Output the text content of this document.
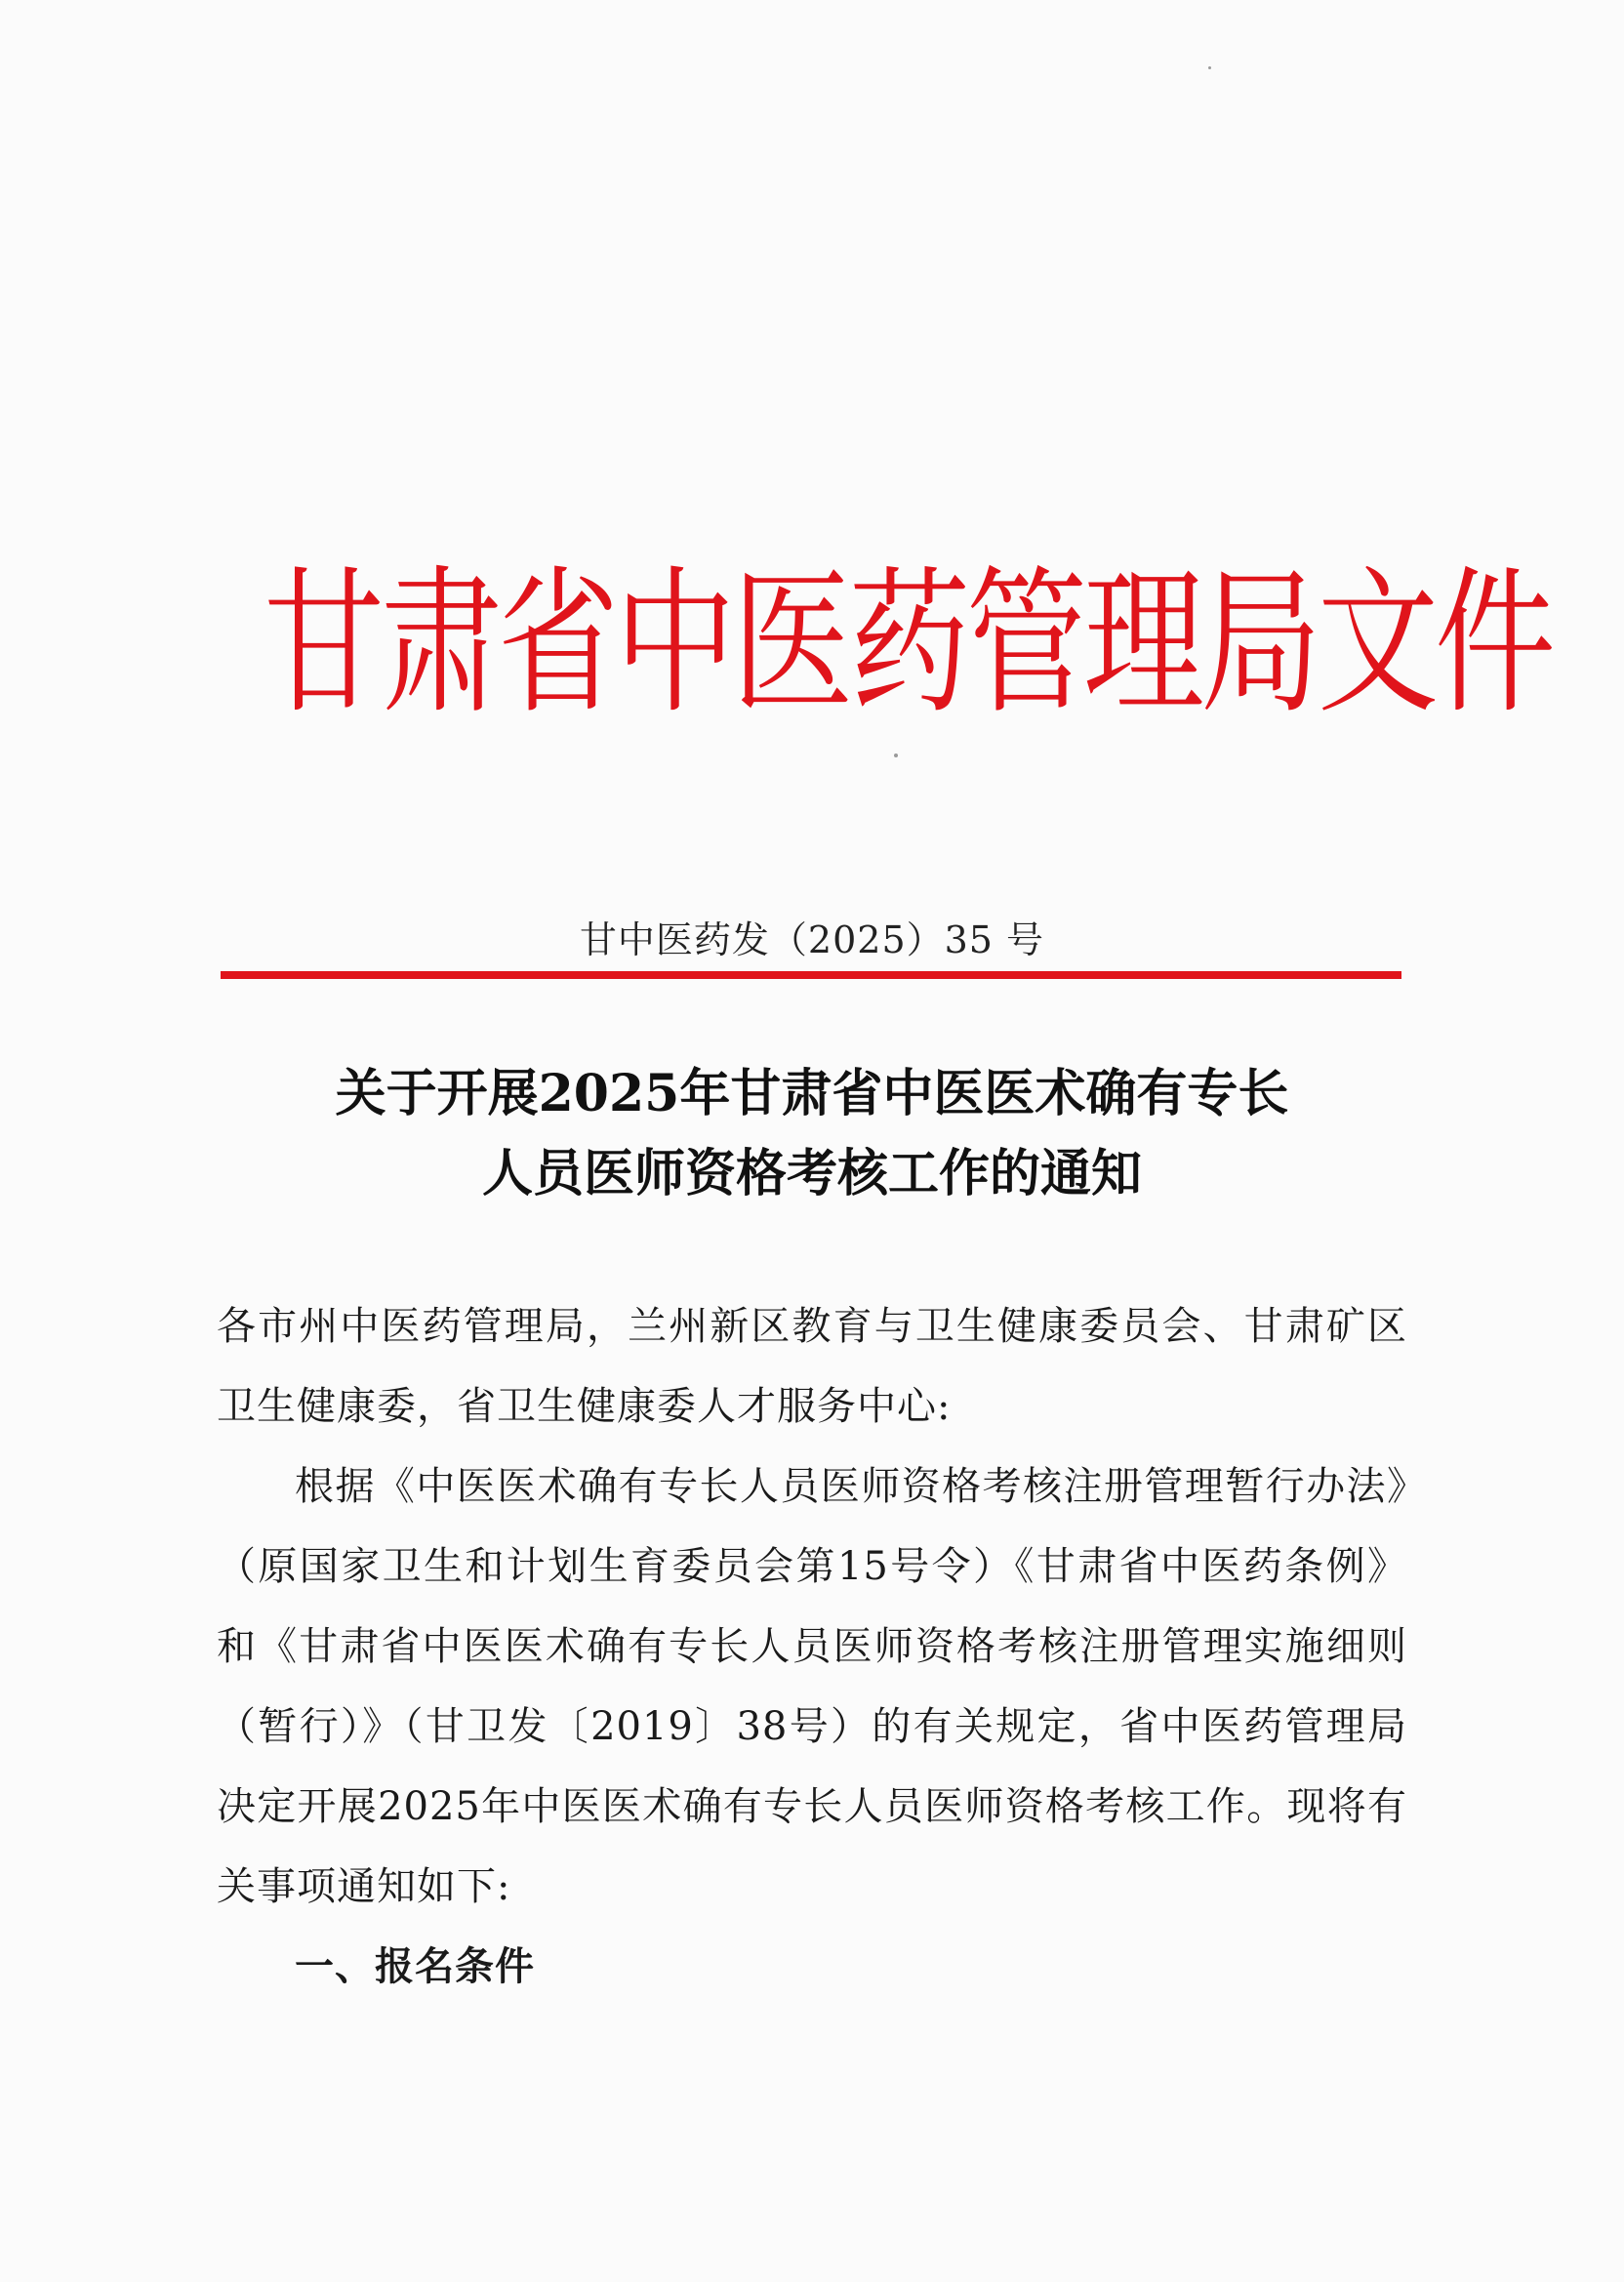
甘肃省中医药管理局文件
甘中医药发（2025）35 号
关于开展2025年甘肃省中医医术确有专长
人员医师资格考核工作的通知

各市州中医药管理局，兰州新区教育与卫生健康委员会、甘肃矿区卫生健康委，省卫生健康委人才服务中心:

根据《中医医术确有专长人员医师资格考核注册管理暂行办法》（原国家卫生和计划生育委员会第15号令）《甘肃省中医药条例》和《甘肃省中医医术确有专长人员医师资格考核注册管理实施细则（暂行）》（甘卫发〔2019〕38号）的有关规定，省中医药管理局决定开展2025年中医医术确有专长人员医师资格考核工作。现将有关事项通知如下:

一、报名条件
